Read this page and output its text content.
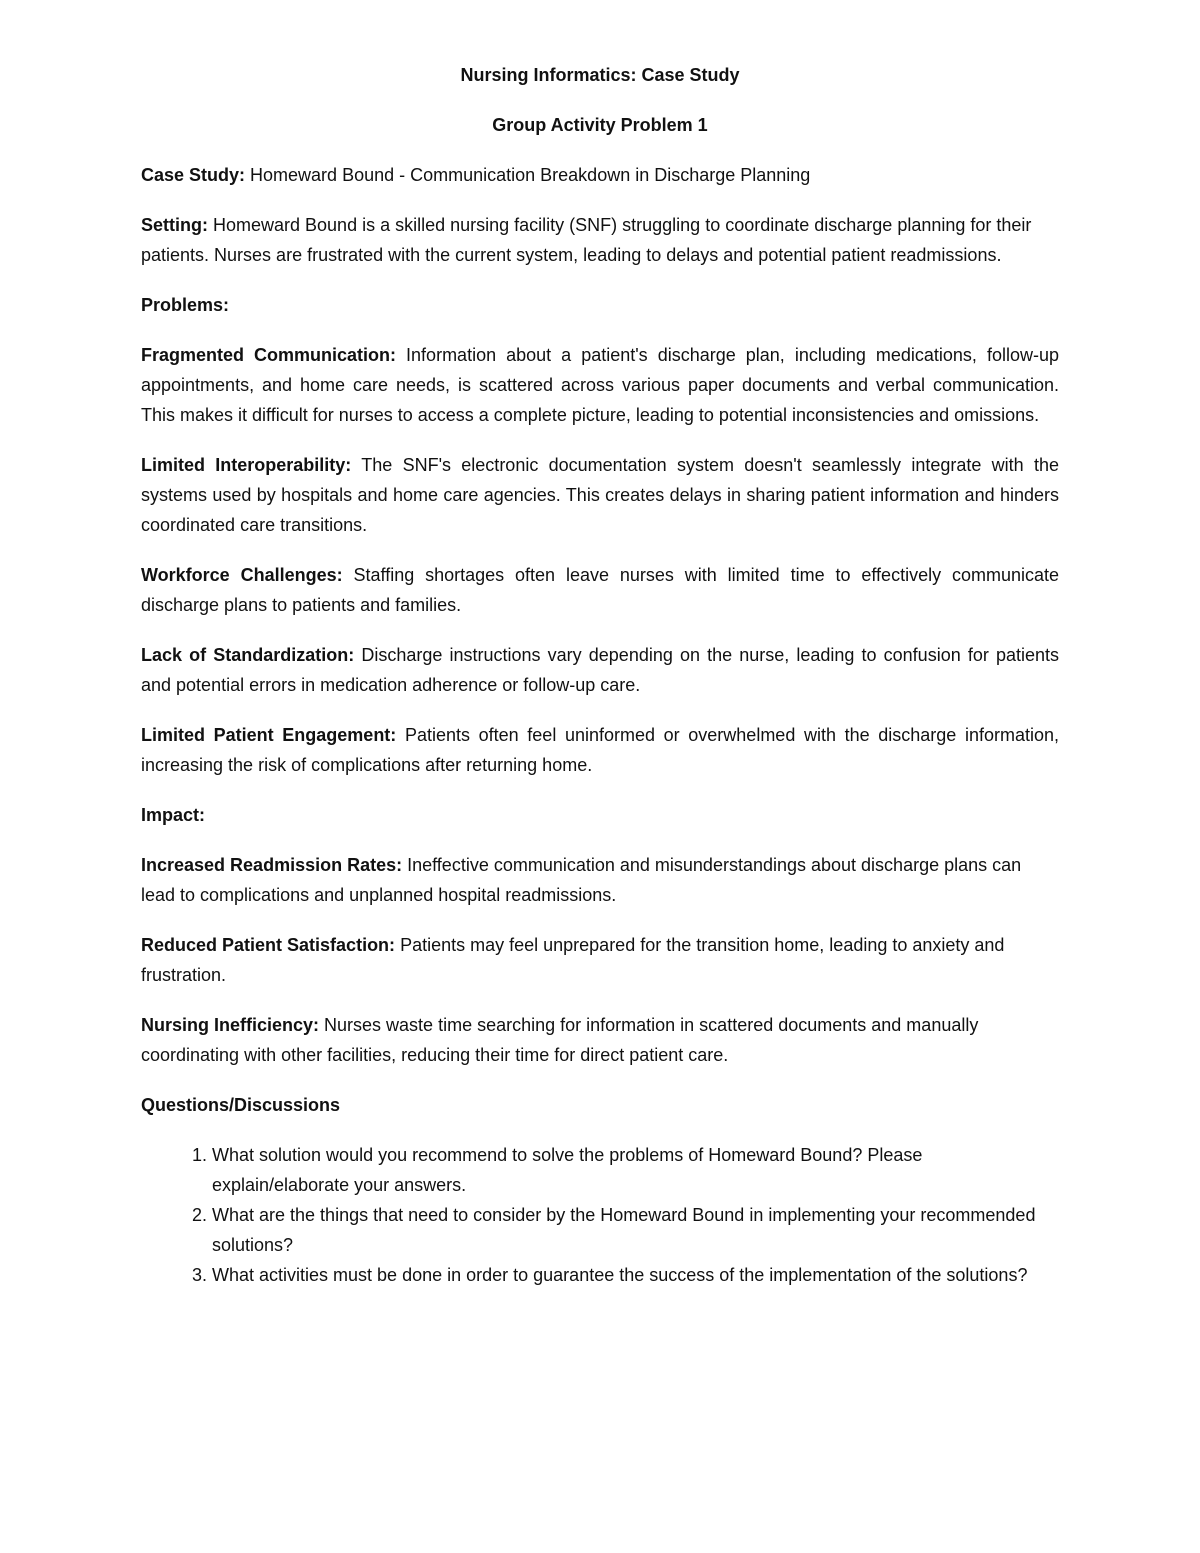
Nursing Informatics: Case Study

Group Activity Problem 1

Case Study: Homeward Bound - Communication Breakdown in Discharge Planning

Setting: Homeward Bound is a skilled nursing facility (SNF) struggling to coordinate discharge planning for their patients. Nurses are frustrated with the current system, leading to delays and potential patient readmissions.

Problems:

Fragmented Communication: Information about a patient's discharge plan, including medications, follow-up appointments, and home care needs, is scattered across various paper documents and verbal communication. This makes it difficult for nurses to access a complete picture, leading to potential inconsistencies and omissions.

Limited Interoperability: The SNF's electronic documentation system doesn't seamlessly integrate with the systems used by hospitals and home care agencies. This creates delays in sharing patient information and hinders coordinated care transitions.

Workforce Challenges: Staffing shortages often leave nurses with limited time to effectively communicate discharge plans to patients and families.

Lack of Standardization: Discharge instructions vary depending on the nurse, leading to confusion for patients and potential errors in medication adherence or follow-up care.

Limited Patient Engagement: Patients often feel uninformed or overwhelmed with the discharge information, increasing the risk of complications after returning home.

Impact:

Increased Readmission Rates: Ineffective communication and misunderstandings about discharge plans can lead to complications and unplanned hospital readmissions.

Reduced Patient Satisfaction: Patients may feel unprepared for the transition home, leading to anxiety and frustration.

Nursing Inefficiency: Nurses waste time searching for information in scattered documents and manually coordinating with other facilities, reducing their time for direct patient care.

Questions/Discussions

1. What solution would you recommend to solve the problems of Homeward Bound? Please explain/elaborate your answers.
2. What are the things that need to consider by the Homeward Bound in implementing your recommended solutions?
3. What activities must be done in order to guarantee the success of the implementation of the solutions?
